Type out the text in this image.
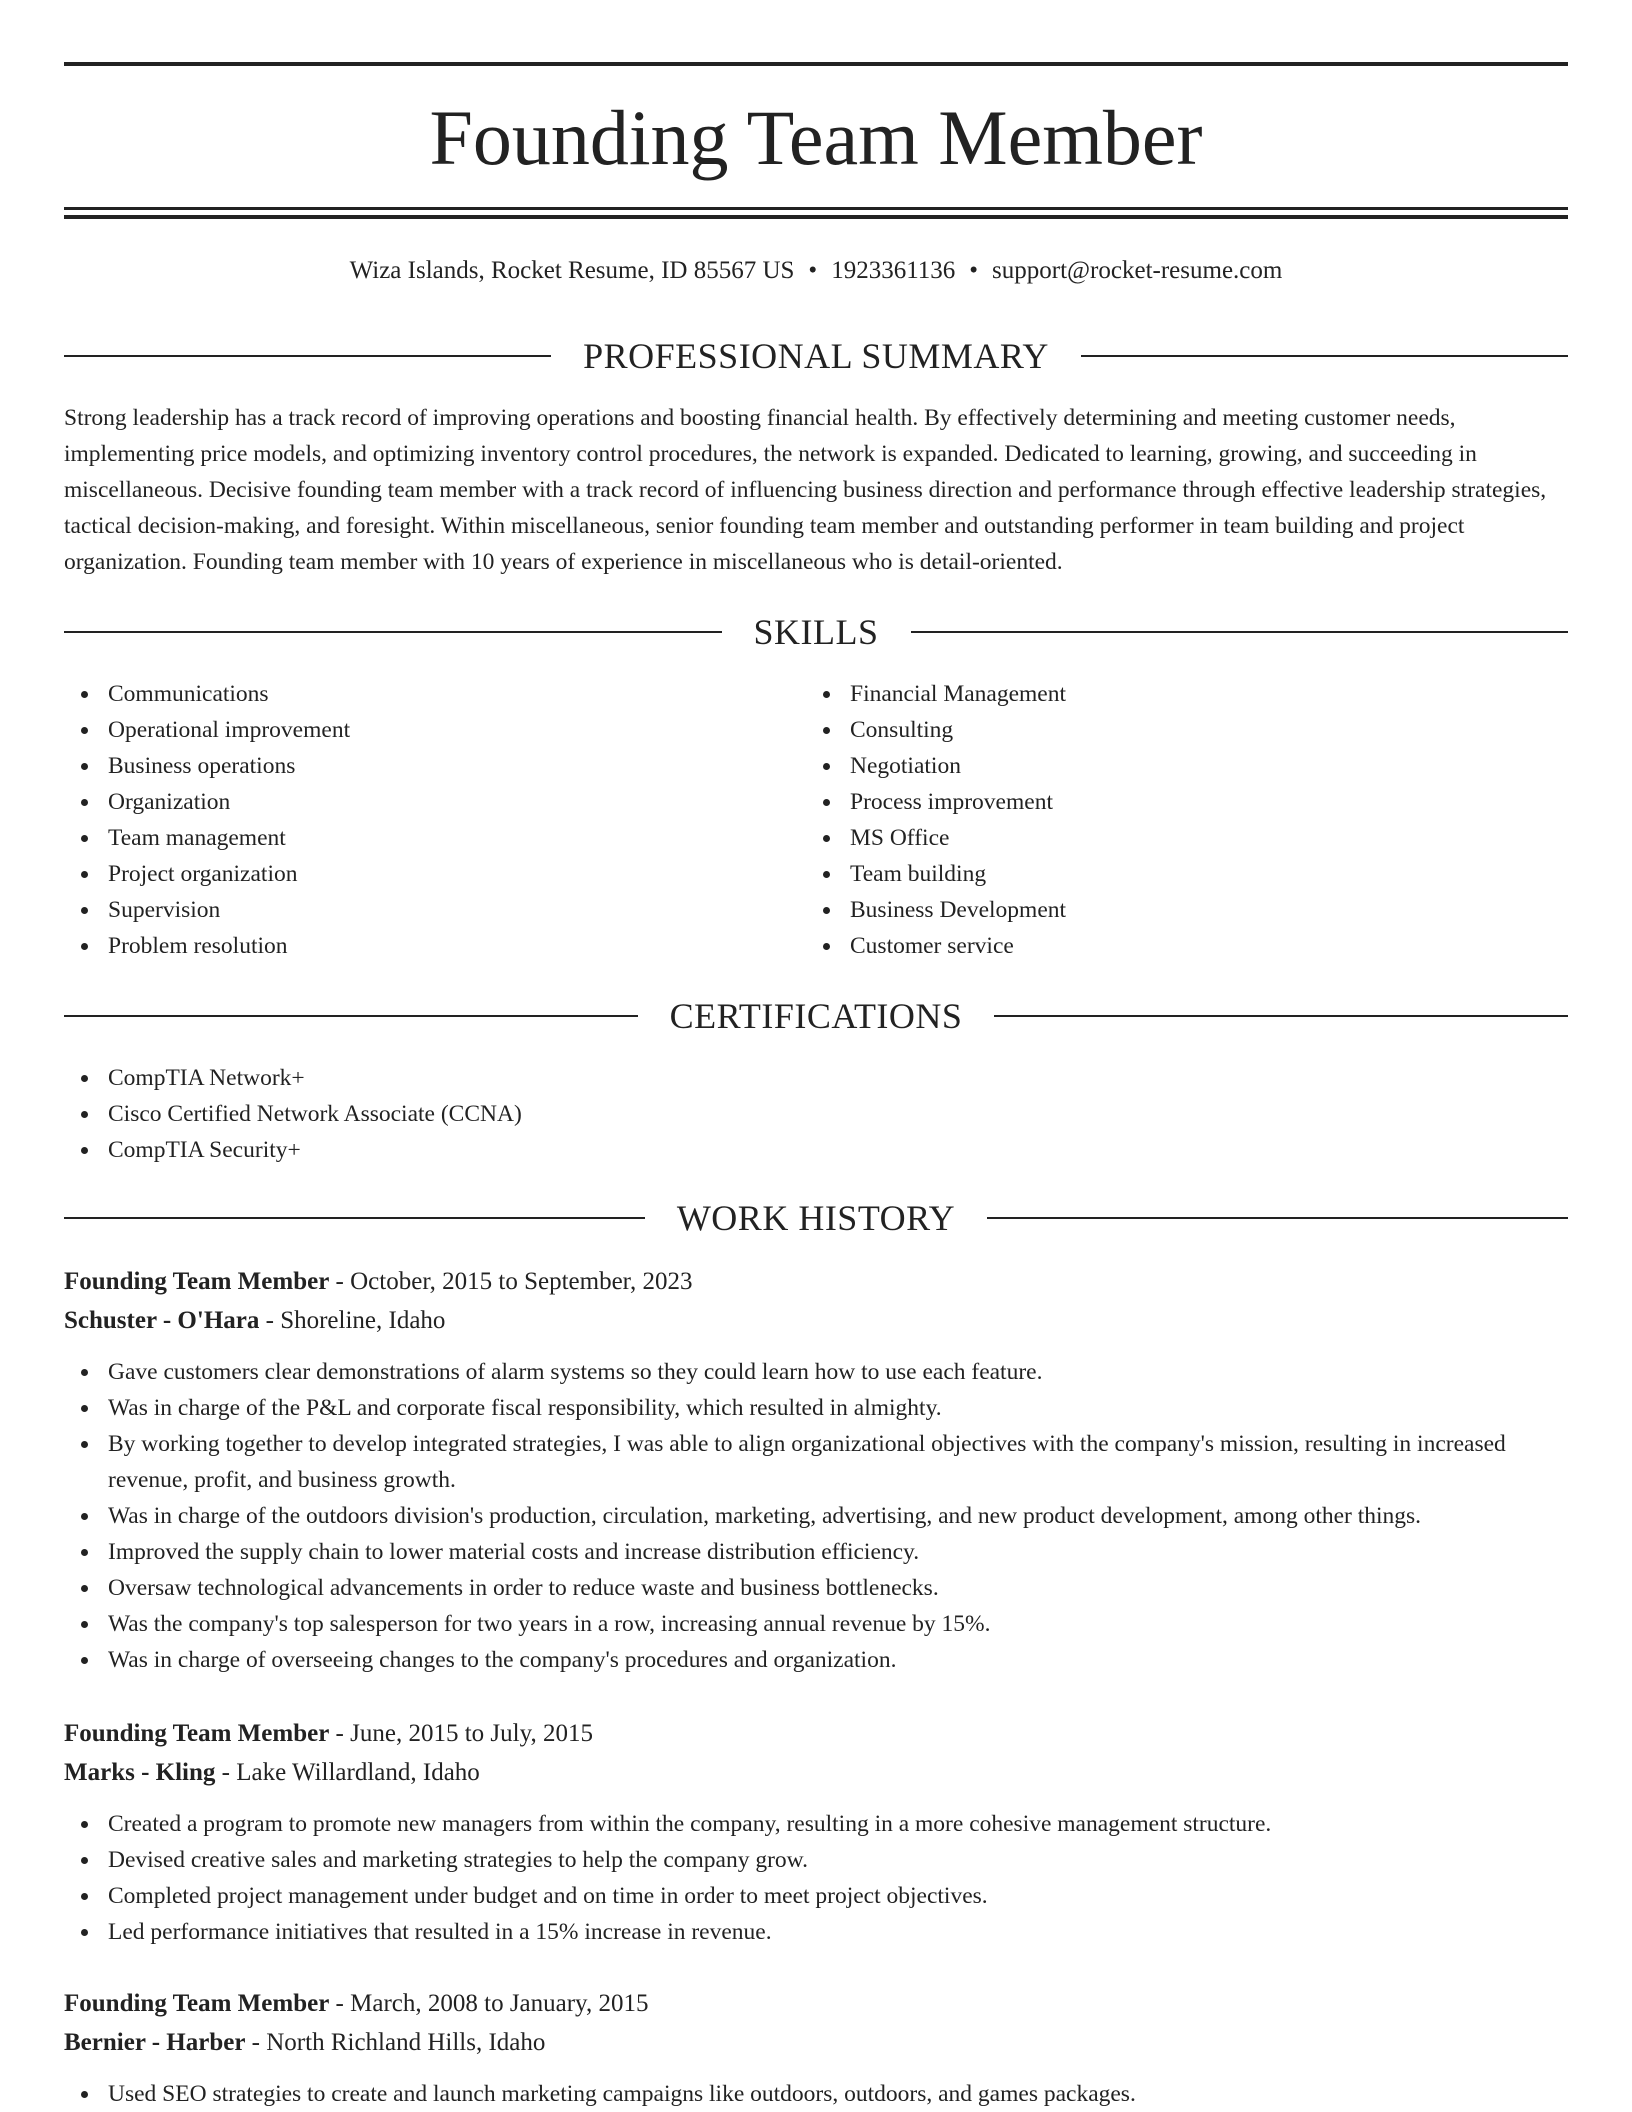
Founding Team Member
Wiza Islands, Rocket Resume, ID 85567 US • 1923361136 • support@rocket-resume.com
PROFESSIONAL SUMMARY

Strong leadership has a track record of improving operations and boosting financial health. By effectively determining and meeting customer needs, implementing price models, and optimizing inventory control procedures, the network is expanded. Dedicated to learning, growing, and succeeding in miscellaneous. Decisive founding team member with a track record of influencing business direction and performance through effective leadership strategies, tactical decision-making, and foresight. Within miscellaneous, senior founding team member and outstanding performer in team building and project organization. Founding team member with 10 years of experience in miscellaneous who is detail-oriented.

SKILLS
Communications
Operational improvement
Business operations
Organization
Team management
Project organization
Supervision
Problem resolution
Financial Management
Consulting
Negotiation
Process improvement
MS Office
Team building
Business Development
Customer service
CERTIFICATIONS
CompTIA Network+
Cisco Certified Network Associate (CCNA)
CompTIA Security+
WORK HISTORY
Founding Team Member - October, 2015 to September, 2023
Schuster - O'Hara - Shoreline, Idaho
Gave customers clear demonstrations of alarm systems so they could learn how to use each feature.
Was in charge of the P&L and corporate fiscal responsibility, which resulted in almighty.
By working together to develop integrated strategies, I was able to align organizational objectives with the company's mission, resulting in increased revenue, profit, and business growth.
Was in charge of the outdoors division's production, circulation, marketing, advertising, and new product development, among other things.
Improved the supply chain to lower material costs and increase distribution efficiency.
Oversaw technological advancements in order to reduce waste and business bottlenecks.
Was the company's top salesperson for two years in a row, increasing annual revenue by 15%.
Was in charge of overseeing changes to the company's procedures and organization.
Founding Team Member - June, 2015 to July, 2015
Marks - Kling - Lake Willardland, Idaho
Created a program to promote new managers from within the company, resulting in a more cohesive management structure.
Devised creative sales and marketing strategies to help the company grow.
Completed project management under budget and on time in order to meet project objectives.
Led performance initiatives that resulted in a 15% increase in revenue.
Founding Team Member - March, 2008 to January, 2015
Bernier - Harber - North Richland Hills, Idaho
Used SEO strategies to create and launch marketing campaigns like outdoors, outdoors, and games packages.
